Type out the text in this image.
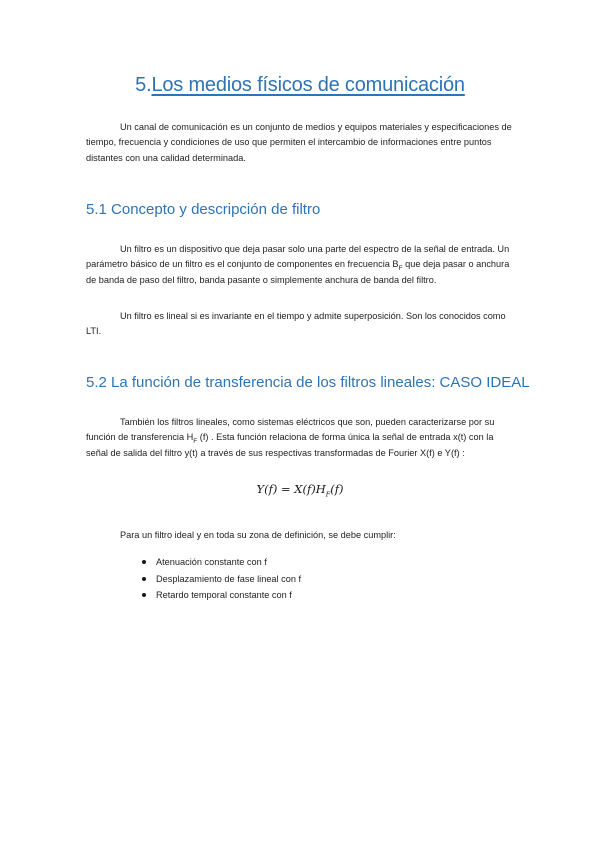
5.Los medios físicos de comunicación
Un canal de comunicación es un conjunto de medios y equipos materiales y especificaciones de tiempo, frecuencia y condiciones de uso que permiten el intercambio de informaciones entre puntos distantes con una calidad determinada.
5.1 Concepto y descripción de filtro
Un filtro es un dispositivo que deja pasar solo una parte del espectro de la señal de entrada. Un parámetro básico de un filtro es el conjunto de componentes en frecuencia $B_F$ que deja pasar o anchura de banda de paso del filtro, banda pasante o simplemente anchura de banda del filtro.
Un filtro es lineal si es invariante en el tiempo y admite superposición. Son los conocidos como LTI.
5.2 La función de transferencia de los filtros lineales: CASO IDEAL
También los filtros lineales, como sistemas eléctricos que son, pueden caracterizarse por su función de transferencia $H_F$ (f) . Esta función relaciona de forma única la señal de entrada x(t) con la señal de salida del filtro y(t) a través de sus respectivas transformadas de Fourier X(f) e Y(f) :
$Y(f) = X(f)H_F(f)$
Para un filtro ideal y en toda su zona de definición, se debe cumplir:
Atenuación constante con f
Desplazamiento de fase lineal con f
Retardo temporal constante con f
